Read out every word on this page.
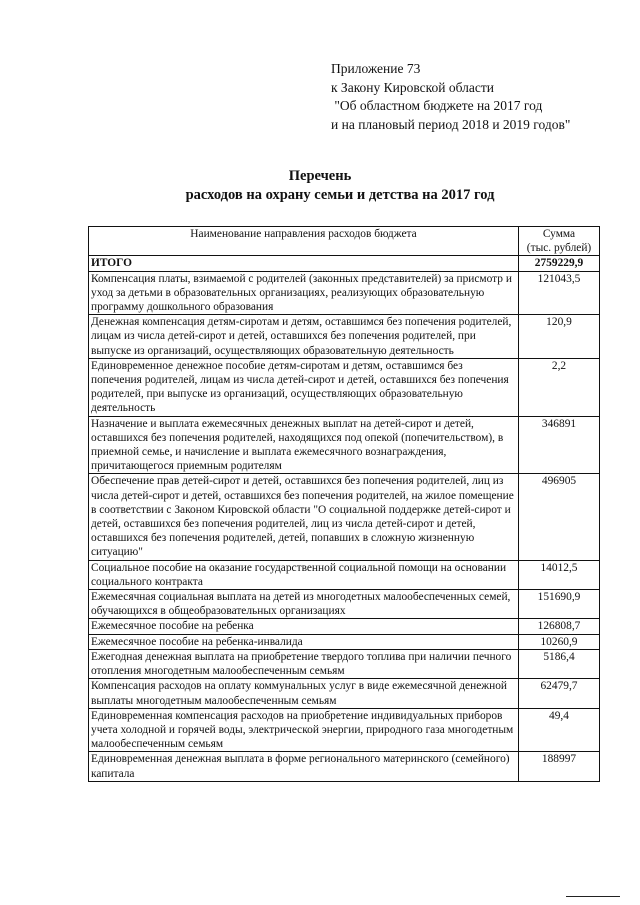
Приложение 73
к Закону Кировской области
"Об областном бюджете на 2017 год
и на плановый период 2018 и 2019 годов"
Перечень
расходов на охрану семьи и детства на 2017 год
Наименование направления расходов бюджета	Сумма
(тыс. рублей)

ИТОГО	2759229,9
Компенсация платы, взимаемой с родителей (законных представителей) за присмотр и уход за детьми в образовательных организациях, реализующих образовательную программу дошкольного образования	121043,5
Денежная компенсация детям-сиротам и детям, оставшимся без попечения родителей, лицам из числа детей-сирот и детей, оставшихся без попечения родителей, при выпуске из организаций, осуществляющих образовательную деятельность	120,9
Единовременное денежное пособие детям-сиротам и детям, оставшимся без попечения родителей, лицам из числа детей-сирот и детей, оставшихся без попечения родителей, при выпуске из организаций, осуществляющих образовательную деятельность	2,2
Назначение и выплата ежемесячных денежных выплат на детей-сирот и детей, оставшихся без попечения родителей, находящихся под опекой (попечительством), в приемной семье, и начисление и выплата ежемесячного вознаграждения, причитающегося приемным родителям	346891
Обеспечение прав детей-сирот и детей, оставшихся без попечения родителей, лиц из числа детей-сирот и детей, оставшихся без попечения родителей, на жилое помещение в соответствии с Законом Кировской области "О социальной поддержке детей-сирот и детей, оставшихся без попечения родителей, лиц из числа детей-сирот и детей, оставшихся без попечения родителей, детей, попавших в сложную жизненную ситуацию"	496905
Социальное пособие на оказание государственной социальной помощи на основании социального контракта	14012,5
Ежемесячная социальная выплата на детей из многодетных малообеспеченных семей, обучающихся в общеобразовательных организациях	151690,9
Ежемесячное пособие на ребенка	126808,7
Ежемесячное пособие на ребенка-инвалида	10260,9
Ежегодная денежная выплата на приобретение твердого топлива при наличии печного отопления многодетным малообеспеченным семьям	5186,4
Компенсация расходов на оплату коммунальных услуг в виде ежемесячной денежной выплаты многодетным малообеспеченным семьям	62479,7
Единовременная компенсация расходов на приобретение индивидуальных приборов учета холодной и горячей воды, электрической энергии, природного газа многодетным малообеспеченным семьям	49,4
Единовременная денежная выплата в форме регионального материнского (семейного) капитала	188997
